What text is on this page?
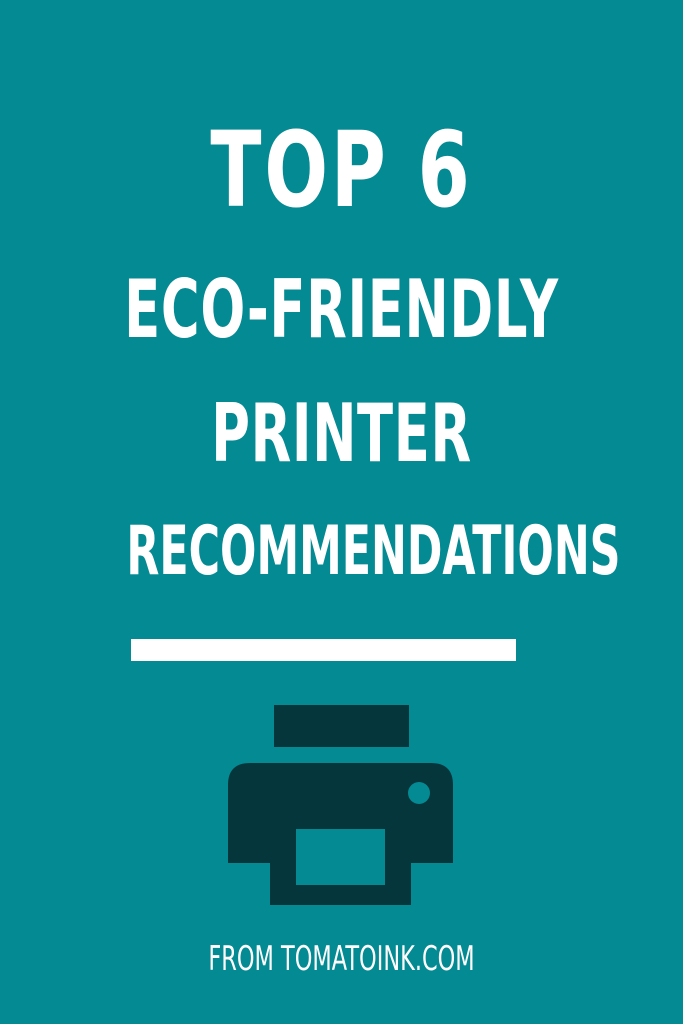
TOP 6
ECO-FRIENDLY
PRINTER
RECOMMENDATIONS
FROM TOMATOINK.COM
